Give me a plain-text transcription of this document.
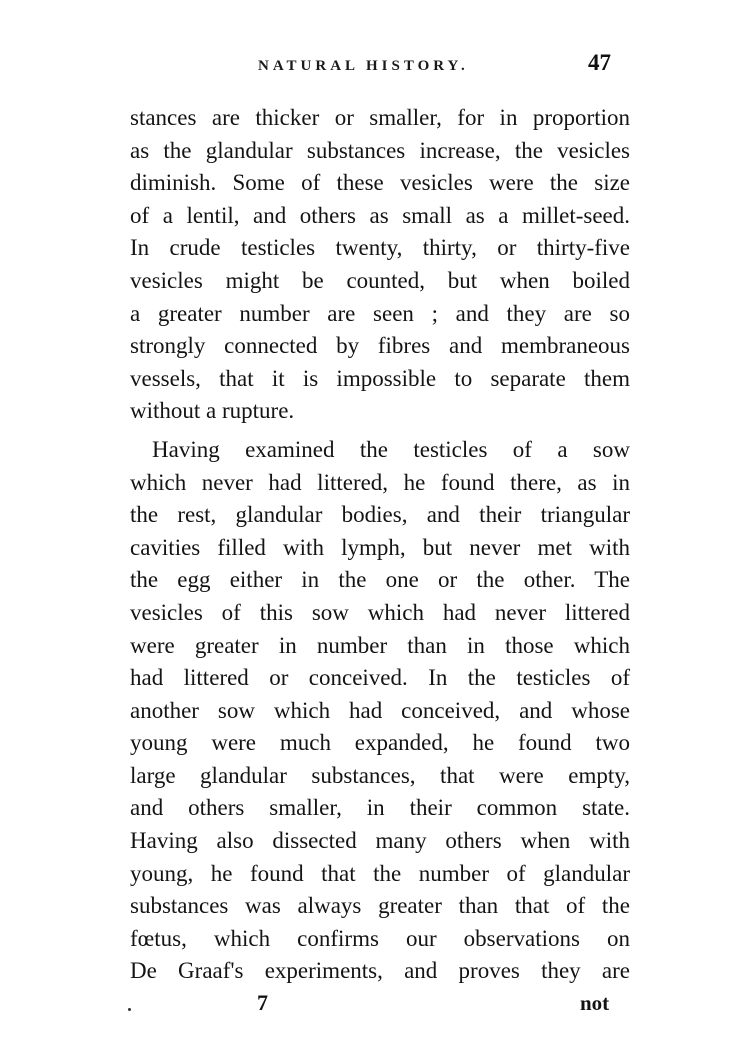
NATURAL HISTORY.	47
stances are thicker or smaller, for in proportion
as the glandular substances increase, the vesicles
diminish. Some of these vesicles were the size
of a lentil, and others as small as a millet-seed.
In crude testicles twenty, thirty, or thirty-five
vesicles might be counted, but when boiled
a greater number are seen ; and they are so
strongly connected by fibres and membraneous
vessels, that it is impossible to separate them
without a rupture.
Having examined the testicles of a sow
which never had littered, he found there, as in
the rest, glandular bodies, and their triangular
cavities filled with lymph, but never met with
the egg either in the one or the other. The
vesicles of this sow which had never littered
were greater in number than in those which
had littered or conceived. In the testicles of
another sow which had conceived, and whose
young were much expanded, he found two
large glandular substances, that were empty,
and others smaller, in their common state.
Having also dissected many others when with
young, he found that the number of glandular
substances was always greater than that of the
fœtus, which confirms our observations on
De Graaf's experiments, and proves they are
7	not
